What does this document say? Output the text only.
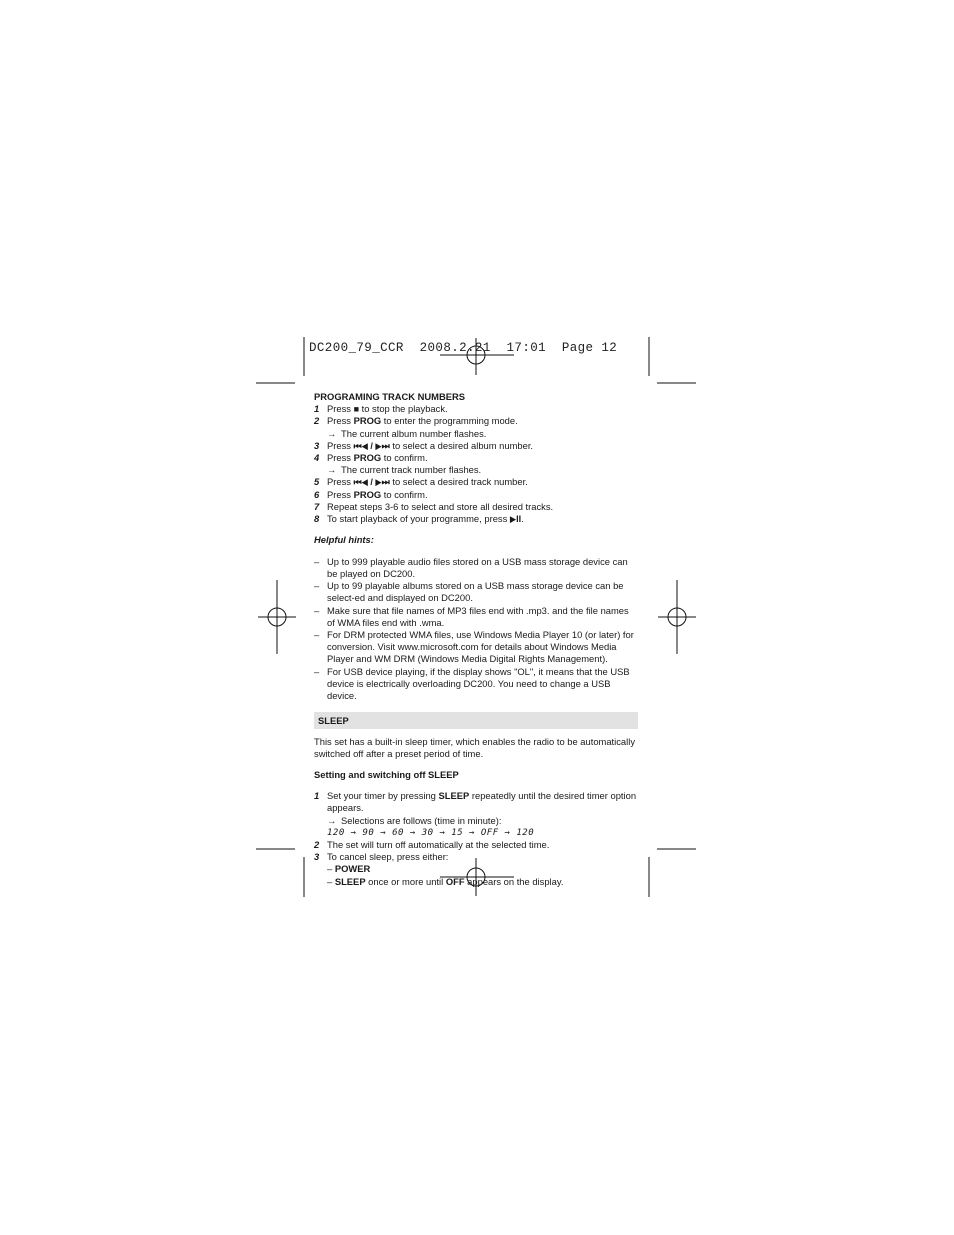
DC200_79_CCR  2008.2.21  17:01  Page 12

PROGRAMING TRACK NUMBERS

1 Press ■ to stop the playback.
2 Press PROG to enter the programming mode.
→ The current album number flashes.
3 Press ⏮◀ / ▶⏭ to select a desired album number.
4 Press PROG to confirm.
→ The current track number flashes.
5 Press ⏮◀ / ▶⏭ to select a desired track number.
6 Press PROG to confirm.
7 Repeat steps 3-6 to select and store all desired tracks.
8 To start playback of your programme, press ▶II.

Helpful hints:

– Up to 999 playable audio files stored on a USB mass storage device can be played on DC200.
– Up to 99 playable albums stored on a USB mass storage device can be select-ed and displayed on DC200.
– Make sure that file names of MP3 files end with .mp3. and the file names of WMA files end with .wma.
– For DRM protected WMA files, use Windows Media Player 10 (or later) for conversion. Visit www.microsoft.com for details about Windows Media Player and WM DRM (Windows Media Digital Rights Management).
– For USB device playing, if the display shows "OL", it means that the USB device is electrically overloading DC200. You need to change a USB device.
SLEEP
This set has a built-in sleep timer, which enables the radio to be automatically switched off after a preset period of time.

Setting and switching off SLEEP

1 Set your timer by pressing SLEEP repeatedly until the desired timer option appears.
→ Selections are follows (time in minute):
120 → 90 → 60 → 30 → 15 → OFF → 120
2 The set will turn off automatically at the selected time.
3 To cancel sleep, press either:
– POWER
– SLEEP once or more until OFF appears on the display.
